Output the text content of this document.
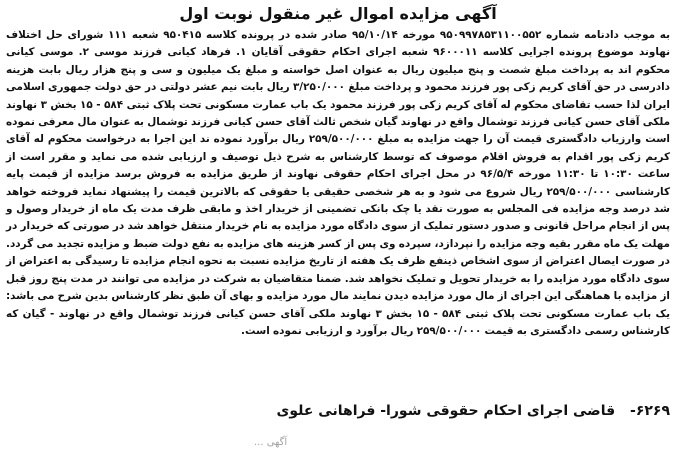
آگهی مزایده اموال غیر منقول نوبت اول
به موجب دادنامه شماره ۹۵۰۹۹۷۸۵۳۱۱۰۰۵۵۲ مورخه ۹۵/۱۰/۱۴ صادر شده در پرونده کلاسه ۹۵۰۴۱۵ شعبه ۱۱۱ شورای حل اختلاف نهاوند موضوع پرونده اجرایی کلاسه ۹۶۰۰۰۱۱ شعبه اجرای احکام حقوقی آقایان ۱. فرهاد کیانی فرزند موسی ۲. موسی کیانی محکوم اند به پرداخت مبلغ شصت و پنج میلیون ریال به عنوان اصل خواسته و مبلغ یک میلیون و سی و پنج هزار ریال بابت هزینه دادرسی در حق آقای کریم زکی پور فرزند محمود و پرداخت مبلغ ۳/۲۵۰/۰۰۰ ریال بابت نیم عشر دولتی در حق دولت جمهوری اسلامی ایران لذا حسب تقاضای محکوم له آقای کریم زکی پور فرزند محمود یک باب عمارت مسکونی تحت پلاک ثبتی ۵۸۴ - ۱۵ بخش ۳ نهاوند ملکی آقای حسن کیانی فرزند توشمال واقع در نهاوند گیان شخص ثالث آقای حسن کیانی فرزند توشمال به عنوان مال معرفی نموده است وارزیاب دادگستری قیمت آن را جهت مزایده به مبلغ ۲۵۹/۵۰۰/۰۰۰ ریال برآورد نموده ند این اجرا به درخواست محکوم له آقای کریم زکی پور اقدام به فروش اقلام موصوف که توسط کارشناس به شرح ذیل توصیف و ارزیابی شده می نماید و مقرر است از ساعت ۱۰:۳۰ تا ۱۱:۳۰ مورخه ۹۶/۵/۴ در محل اجرای احکام حقوقی نهاوند از طریق مزایده به فروش برسد مزایده از قیمت پایه کارشناسی ۲۵۹/۵۰۰/۰۰۰ ریال شروع می شود و به هر شخصی حقیقی یا حقوقی که بالاترین قیمت را پیشنهاد نماید فروخته خواهد شد درصد وجه مزایده فی المجلس به صورت نقد یا چک بانکی تضمینی از خریدار اخذ و مابقی ظرف مدت یک ماه از خریدار وصول و پس از انجام مراحل قانونی و صدور دستور تملیک از سوی دادگاه مورد مزایده به نام خریدار منتقل خواهد شد در صورتی که خریدار در مهلت یک ماه مقرر بقیه وجه مزایده را نپردازد، سپرده وی پس از کسر هزینه های مزایده به نفع دولت ضبط و مزایده تجدید می گردد. در صورت ایصال اعتراض از سوی اشخاص ذینفع ظرف یک هفته از تاریخ مزایده نسبت به نحوه انجام مزایده تا رسیدگی به اعتراض از سوی دادگاه مورد مزایده را به خریدار تحویل و تملیک نخواهد شد. ضمنا متقاضیان به شرکت در مزایده می توانند در مدت پنج روز قبل از مزایده با هماهنگی این اجرای از مال مورد مزایده دیدن نمایند مال مورد مزایده و بهای آن طبق نظر کارشناس بدین شرح می باشد: یک باب عمارت مسکونی تحت پلاک ثبتی ۵۸۴ - ۱۵ بخش ۳ نهاوند ملکی آقای حسن کیانی فرزند توشمال واقع در نهاوند - گیان که کارشناس رسمی دادگستری به قیمت ۲۵۹/۵۰۰/۰۰۰ ریال برآورد و ارزیابی نموده است.
۶۲۶۹- قاضی اجرای احکام حقوقی شورا- فراهانی علوی
آگهی ...
